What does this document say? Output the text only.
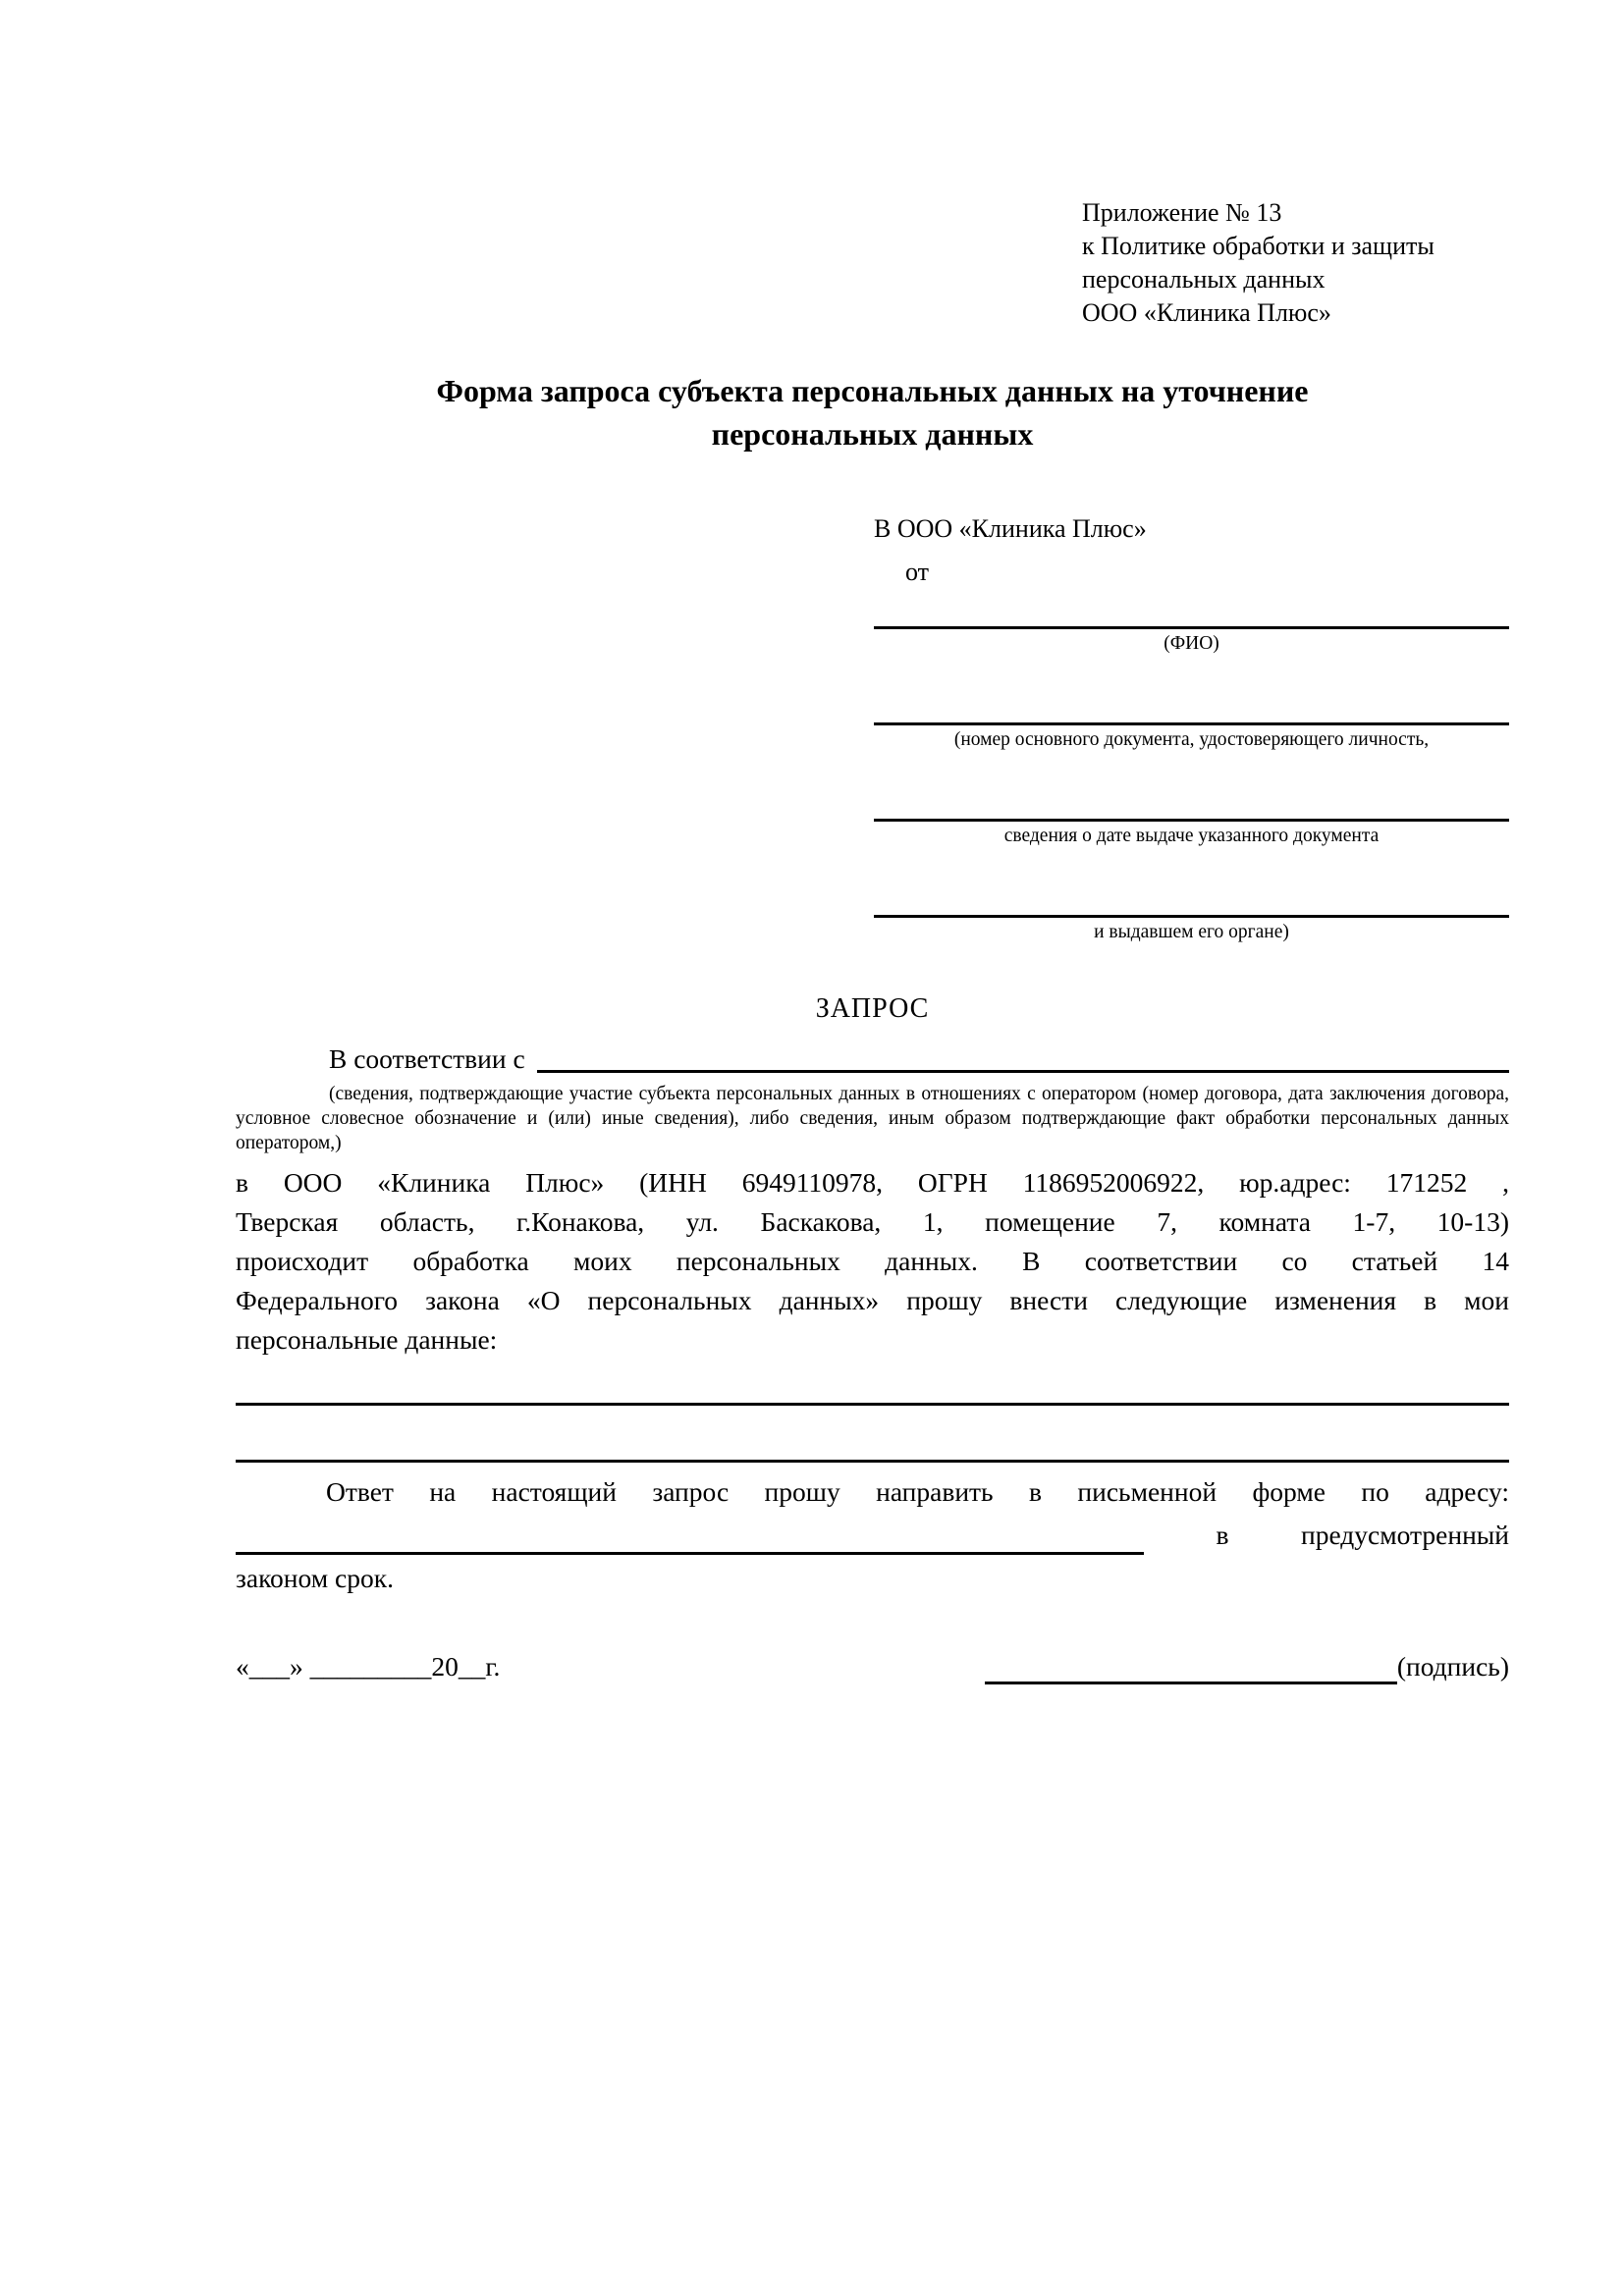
Приложение № 13
к Политике обработки и защиты
персональных данных
ООО «Клиника Плюс»
Форма запроса субъекта персональных данных на уточнение
персональных данных
В ООО «Клиника Плюс»
от
(ФИО)
(номер основного документа, удостоверяющего личность,
сведения о дате выдаче указанного документа
и выдавшем его органе)
ЗАПРОС
В соответствии с
(сведения, подтверждающие участие субъекта персональных данных в отношениях с оператором (номер договора, дата заключения договора, условное словесное обозначение и (или) иные сведения), либо сведения, иным образом подтверждающие факт обработки персональных данных оператором,)
в ООО «Клиника Плюс» (ИНН 6949110978, ОГРН 1186952006922, юр.адрес: 171252 ,
Тверская область, г.Конакова, ул. Баскакова, 1, помещение 7, комната 1-7, 10-13)
происходит обработка моих персональных данных. В соответствии со статьей 14
Федерального закона «О персональных данных» прошу внести следующие изменения в мои
персональные данные:
Ответ на настоящий запрос прошу направить в письменной форме по адресу:
в	предусмотренный
законом срок.
«___» _________20__г.	(подпись)
